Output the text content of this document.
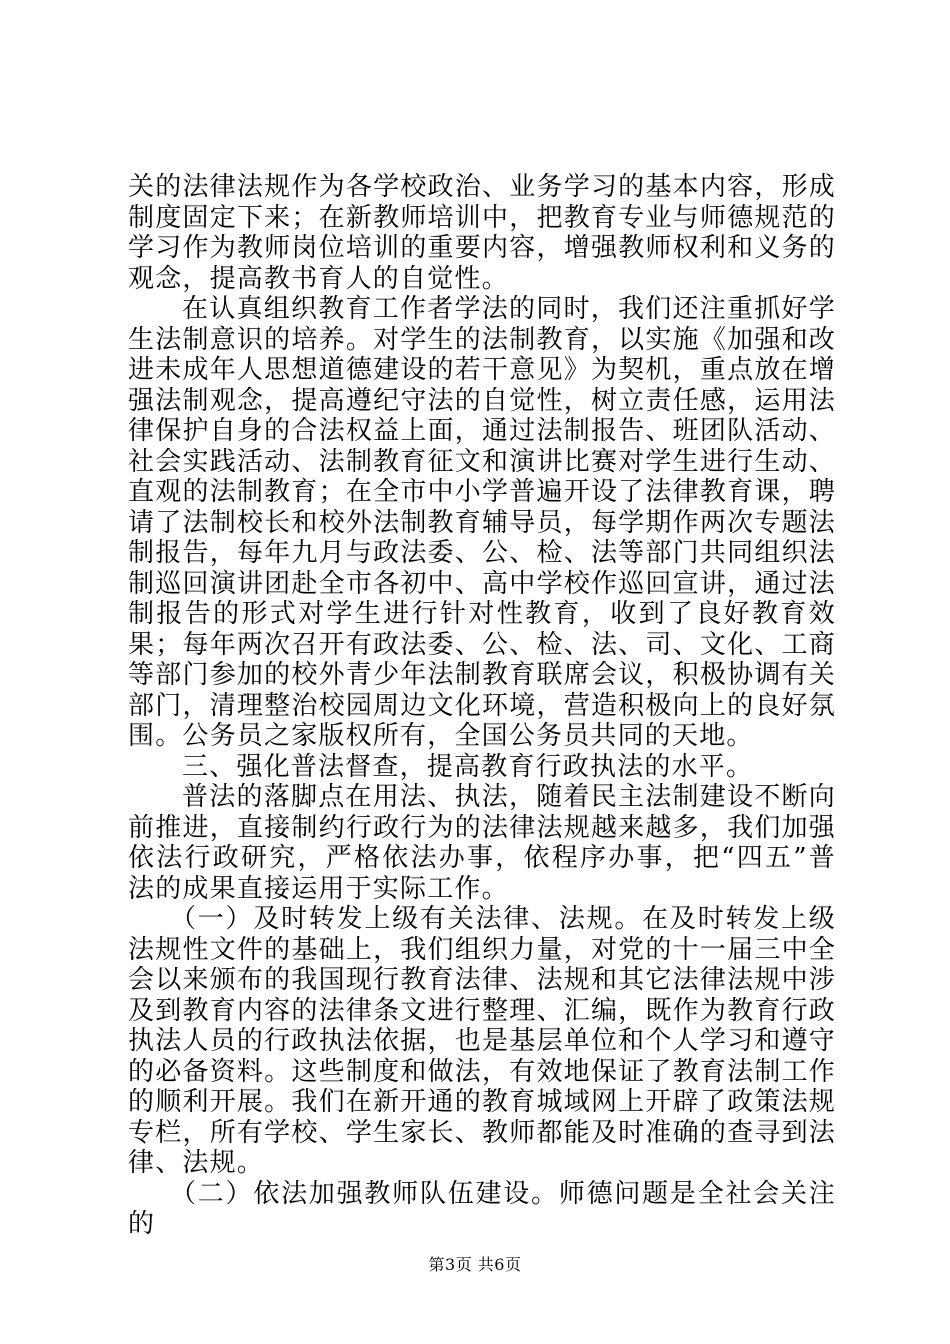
关的法律法规作为各学校政治、业务学习的基本内容，形成制度固定下来；在新教师培训中，把教育专业与师德规范的学习作为教师岗位培训的重要内容，增强教师权利和义务的观念，提高教书育人的自觉性。

在认真组织教育工作者学法的同时，我们还注重抓好学生法制意识的培养。对学生的法制教育，以实施《加强和改进未成年人思想道德建设的若干意见》为契机，重点放在增强法制观念，提高遵纪守法的自觉性，树立责任感，运用法律保护自身的合法权益上面，通过法制报告、班团队活动、社会实践活动、法制教育征文和演讲比赛对学生进行生动、直观的法制教育；在全市中小学普遍开设了法律教育课，聘请了法制校长和校外法制教育辅导员，每学期作两次专题法制报告，每年九月与政法委、公、检、法等部门共同组织法制巡回演讲团赴全市各初中、高中学校作巡回宣讲，通过法制报告的形式对学生进行针对性教育，收到了良好教育效果；每年两次召开有政法委、公、检、法、司、文化、工商等部门参加的校外青少年法制教育联席会议，积极协调有关部门，清理整治校园周边文化环境，营造积极向上的良好氛围。公务员之家版权所有，全国公务员共同的天地。

三、强化普法督查，提高教育行政执法的水平。

普法的落脚点在用法、执法，随着民主法制建设不断向前推进，直接制约行政行为的法律法规越来越多，我们加强依法行政研究，严格依法办事，依程序办事，把“四五”普法的成果直接运用于实际工作。

（一）及时转发上级有关法律、法规。在及时转发上级法规性文件的基础上，我们组织力量，对党的十一届三中全会以来颁布的我国现行教育法律、法规和其它法律法规中涉及到教育内容的法律条文进行整理、汇编，既作为教育行政执法人员的行政执法依据，也是基层单位和个人学习和遵守的必备资料。这些制度和做法，有效地保证了教育法制工作的顺利开展。我们在新开通的教育城域网上开辟了政策法规专栏，所有学校、学生家长、教师都能及时准确的查寻到法律、法规。

（二）依法加强教师队伍建设。师德问题是全社会关注的

第3页 共6页
